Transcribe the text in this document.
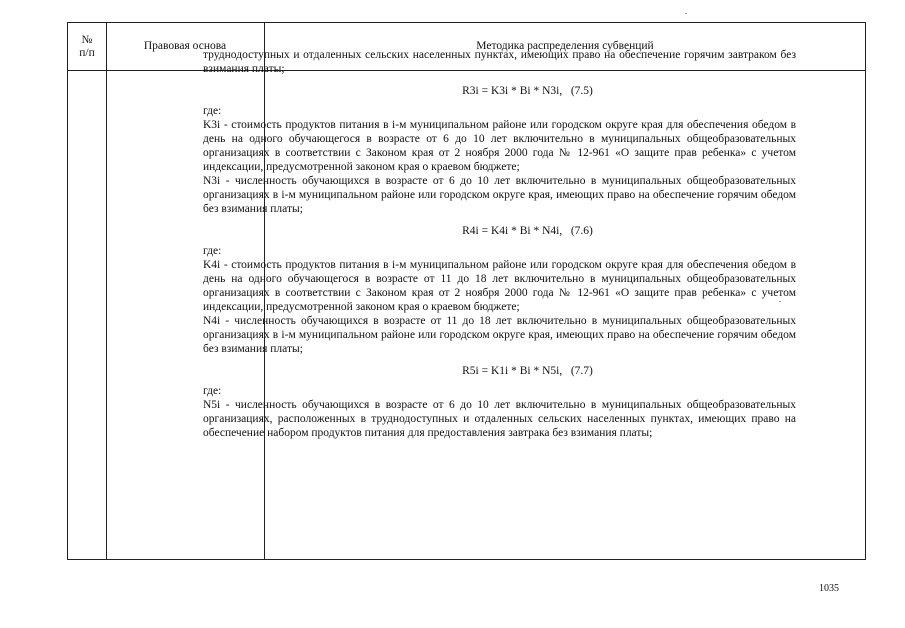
№
п/п
Правовая основа	Методика распределения субвенций

труднодоступных и отдаленных сельских населенных пунктах, имеющих право на обеспечение горячим завтраком без взимания платы;

R3i = K3i * Bi * N3i,   (7.5)

где:

K3i - стоимость продуктов питания в i-м муниципальном районе или городском округе края для обеспечения обедом в день на одного обучающегося в возрасте от 6 до 10 лет включительно в муниципальных общеобразовательных организациях в соответствии с Законом края от 2 ноября 2000 года № 12-961 «О защите прав ребенка» с учетом индексации, предусмотренной законом края о краевом бюджете;

N3i - численность обучающихся в возрасте от 6 до 10 лет включительно в муниципальных общеобразовательных организациях в i-м муниципальном районе или городском округе края, имеющих право на обеспечение горячим обедом без взимания платы;

R4i = K4i * Bi * N4i,   (7.6)

где:

K4i - стоимость продуктов питания в i-м муниципальном районе или городском округе края для обеспечения обедом в день на одного обучающегося в возрасте от 11 до 18 лет включительно в муниципальных общеобразовательных организациях в соответствии с Законом края от 2 ноября 2000 года № 12-961 «О защите прав ребенка» с учетом индексации, предусмотренной законом края о краевом бюджете;

N4i - численность обучающихся в возрасте от 11 до 18 лет включительно в муниципальных общеобразовательных организациях в i-м муниципальном районе или городском округе края, имеющих право на обеспечение горячим обедом без взимания платы;

R5i = K1i * Bi * N5i,   (7.7)

где:

N5i - численность обучающихся в возрасте от 6 до 10 лет включительно в муниципальных общеобразовательных организациях, расположенных в труднодоступных и отдаленных сельских населенных пунктах, имеющих право на обеспечение набором продуктов питания для предоставления завтрака без взимания платы;

1035
